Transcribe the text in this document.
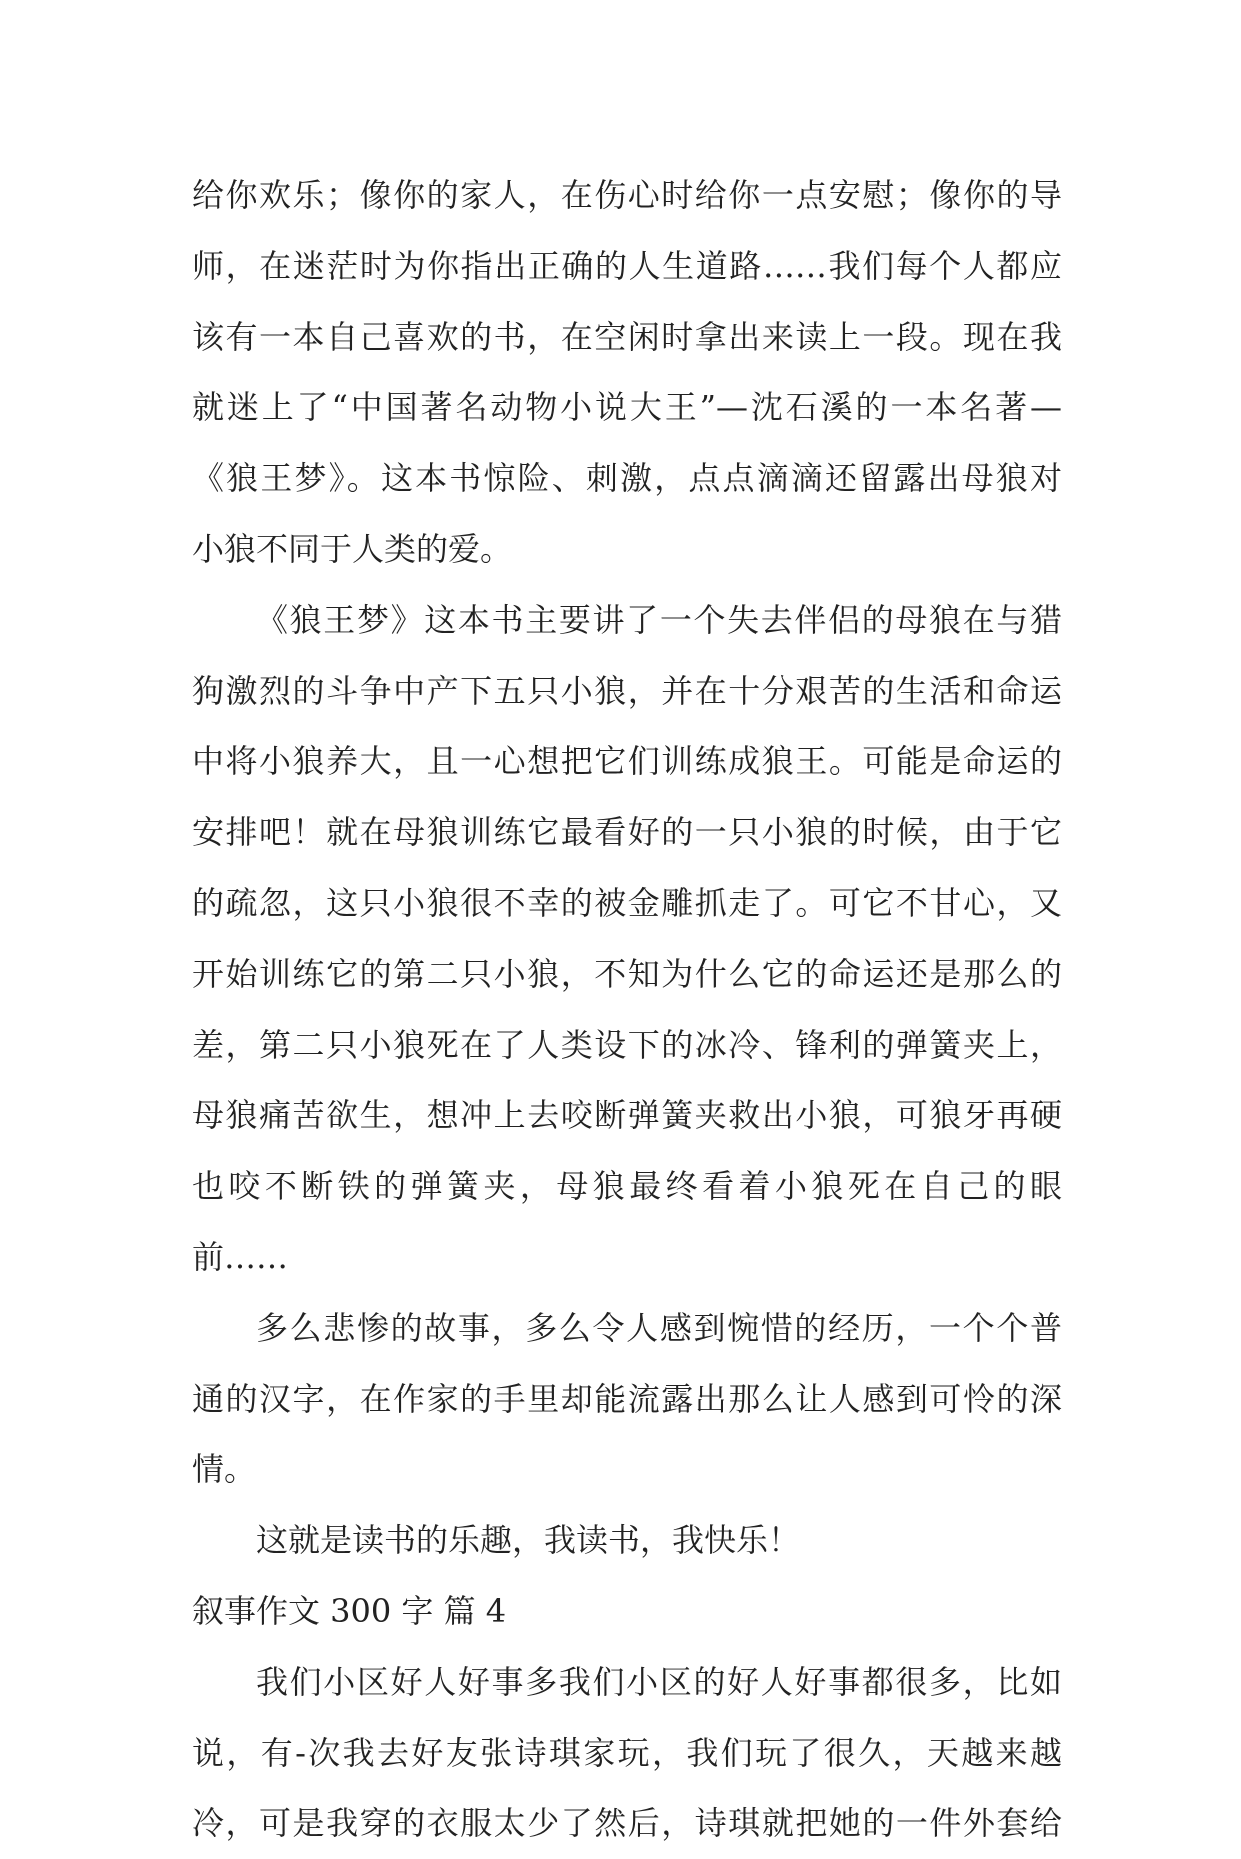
给你欢乐；像你的家人，在伤心时给你一点安慰；像你的导
师，在迷茫时为你指出正确的人生道路……我们每个人都应
该有一本自己喜欢的书，在空闲时拿出来读上一段。现在我
就迷上了“中国著名动物小说大王”—沈石溪的一本名著—
《狼王梦》。这本书惊险、刺激，点点滴滴还留露出母狼对
小狼不同于人类的爱。
《狼王梦》这本书主要讲了一个失去伴侣的母狼在与猎
狗激烈的斗争中产下五只小狼，并在十分艰苦的生活和命运
中将小狼养大，且一心想把它们训练成狼王。可能是命运的
安排吧！就在母狼训练它最看好的一只小狼的时候，由于它
的疏忽，这只小狼很不幸的被金雕抓走了。可它不甘心，又
开始训练它的第二只小狼，不知为什么它的命运还是那么的
差，第二只小狼死在了人类设下的冰冷、锋利的弹簧夹上，
母狼痛苦欲生，想冲上去咬断弹簧夹救出小狼，可狼牙再硬
也咬不断铁的弹簧夹，母狼最终看着小狼死在自己的眼
前……
多么悲惨的故事，多么令人感到惋惜的经历，一个个普
通的汉字，在作家的手里却能流露出那么让人感到可怜的深
情。
这就是读书的乐趣，我读书，我快乐！
叙事作文 300 字 篇 4
我们小区好人好事多我们小区的好人好事都很多，比如
说，有-次我去好友张诗琪家玩，我们玩了很久，天越来越
冷，可是我穿的衣服太少了然后，诗琪就把她的一件外套给
